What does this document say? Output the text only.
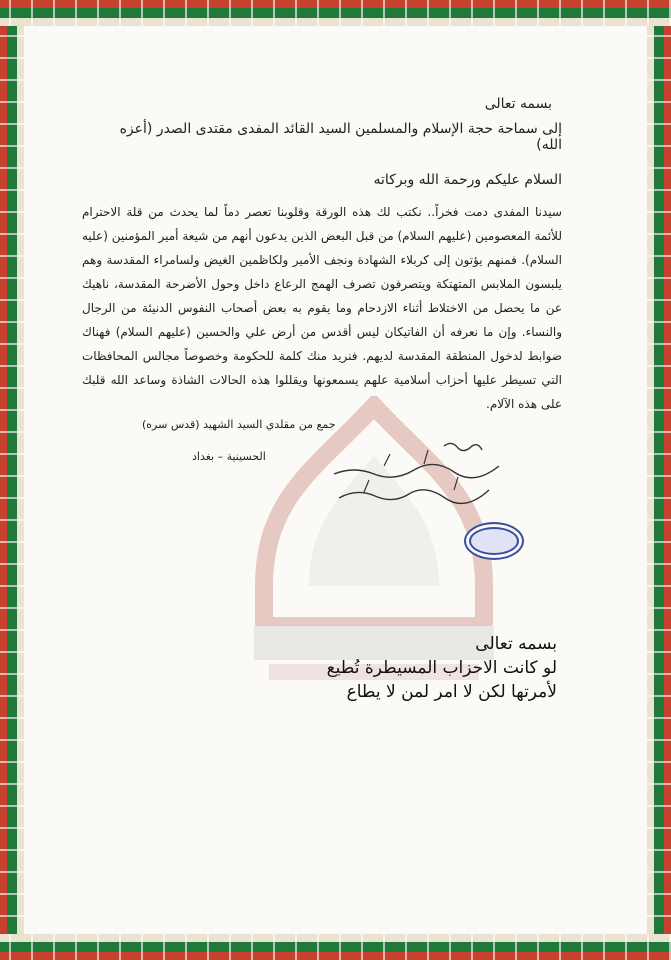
بسمه تعالى
إلى سماحة حجة الإسلام والمسلمين السيد القائد المفدى مقتدى الصدر (أعزه الله)
السلام عليكم ورحمة الله وبركاته
سيدنا المفدى دمت فخراً.. نكتب لك هذه الورقة وقلوبنا تعصر دماً لما يحدث من قلة الاحترام للأئمة المعصومين (عليهم السلام) من قبل البعض الذين يدعون أنهم من شيعة أمير المؤمنين (عليه السلام). فمنهم يؤتون إلى كربلاء الشهادة ونجف الأمير ولكاظمين الغيض ولسامراء المقدسة وهم يلبسون الملابس المتهتكة ويتصرفون تصرف الهمج الرعاع داخل وحول الأضرحة المقدسة، ناهيك عن ما يحصل من الاختلاط أثناء الازدحام وما يقوم به بعض أصحاب النفوس الدنيئة من الرجال والنساء. وإن ما نعرفه أن الفاتيكان ليس أقدس من أرض علي والحسين (عليهم السلام) فهناك ضوابط لدخول المنطقة المقدسة لديهم. فنريد منك كلمة للحكومة وخصوصاً مجالس المحافظات التي تسيطر عليها أحزاب أسلامية علهم يسمعونها ويقللوا هذه الحالات الشاذة وساعد الله قلبك على هذه الآلام.
جمع من مقلدي السيد الشهيد (قدس سره)
الحسينية – بغداد
بسمه تعالى
لو كانت الاحزاب المسيطرة تُطيع
لأمرتها لكن لا امر لمن لا يطاع
